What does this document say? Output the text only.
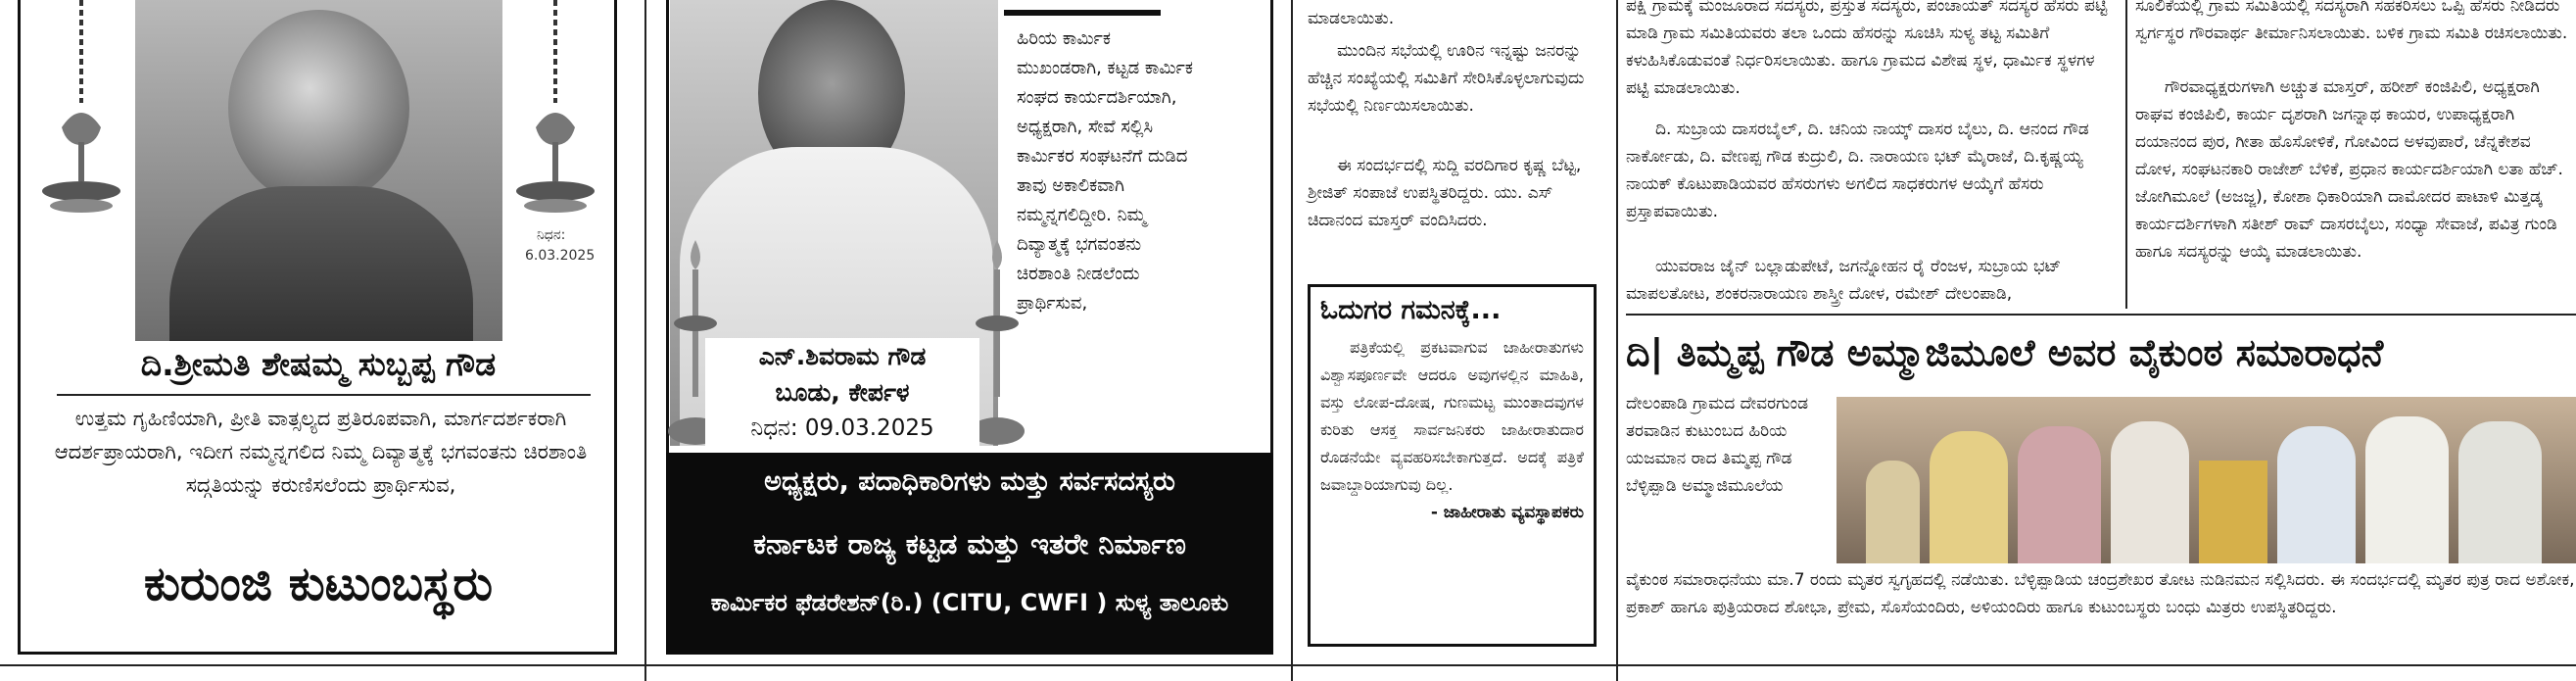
ನಿಧನ:
6.03.2025
ದಿ.ಶ್ರೀಮತಿ ಶೇಷಮ್ಮ ಸುಬ್ಬಪ್ಪ ಗೌಡ
ಉತ್ತಮ ಗೃಹಿಣಿಯಾಗಿ, ಪ್ರೀತಿ ವಾತ್ಸಲ್ಯದ ಪ್ರತಿರೂಪವಾಗಿ, ಮಾರ್ಗದರ್ಶಕರಾಗಿ ಆದರ್ಶಪ್ರಾಯರಾಗಿ, ಇದೀಗ ನಮ್ಮನ್ನಗಲಿದ ನಿಮ್ಮ ದಿವ್ಯಾತ್ಮಕ್ಕೆ ಭಗವಂತನು ಚಿರಶಾಂತಿ ಸದ್ಗತಿಯನ್ನು ಕರುಣಿಸಲೆಂದು ಪ್ರಾರ್ಥಿಸುವ,
ಕುರುಂಜಿ ಕುಟುಂಬಸ್ಥರು
ಎನ್.ಶಿವರಾಮ ಗೌಡ
ಬೂಡು, ಕೇರ್ಪಳ
ನಿಧನ: 09.03.2025
ಹಿರಿಯ ಕಾರ್ಮಿಕ ಮುಖಂಡರಾಗಿ, ಕಟ್ಟಡ ಕಾರ್ಮಿಕ ಸಂಘದ ಕಾರ್ಯದರ್ಶಿಯಾಗಿ, ಅಧ್ಯಕ್ಷರಾಗಿ, ಸೇವೆ ಸಲ್ಲಿಸಿ ಕಾರ್ಮಿಕರ ಸಂಘಟನೆಗೆ ದುಡಿದ ತಾವು ಅಕಾಲಿಕವಾಗಿ ನಮ್ಮನ್ನಗಲಿದ್ದೀರಿ. ನಿಮ್ಮ ದಿವ್ಯಾತ್ಮಕ್ಕೆ ಭಗವಂತನು ಚಿರಶಾಂತಿ ನೀಡಲೆಂದು ಪ್ರಾರ್ಥಿಸುವ,
ಅಧ್ಯಕ್ಷರು, ಪದಾಧಿಕಾರಿಗಳು ಮತ್ತು ಸರ್ವಸದಸ್ಯರು
ಕರ್ನಾಟಕ ರಾಜ್ಯ ಕಟ್ಟಡ ಮತ್ತು ಇತರೇ ನಿರ್ಮಾಣ
ಕಾರ್ಮಿಕರ ಫೆಡರೇಶನ್(ರಿ.) (CITU, CWFI ) ಸುಳ್ಯ ತಾಲೂಕು

ಮಾಡಲಾಯಿತು.

ಮುಂದಿನ ಸಭೆಯಲ್ಲಿ ಊರಿನ ಇನ್ನಷ್ಟು ಜನರನ್ನು ಹೆಚ್ಚಿನ ಸಂಖ್ಯೆಯಲ್ಲಿ ಸಮಿತಿಗೆ ಸೇರಿಸಿಕೊಳ್ಳಲಾಗುವುದು ಸಭೆಯಲ್ಲಿ ನಿರ್ಣಯಿಸಲಾಯಿತು.

ಈ ಸಂದರ್ಭದಲ್ಲಿ ಸುದ್ದಿ ವರದಿಗಾರ ಕೃಷ್ಣ ಬೆಟ್ಟ, ಶ್ರೀಜಿತ್ ಸಂಪಾಜೆ ಉಪಸ್ಥಿತರಿದ್ದರು. ಯು. ಎಸ್ ಚಿದಾನಂದ ಮಾಸ್ತರ್ ವಂದಿಸಿದರು.

ಓದುಗರ ಗಮನಕ್ಕೆ...
ಪತ್ರಿಕೆಯಲ್ಲಿ ಪ್ರಕಟವಾಗುವ ಜಾಹೀರಾತುಗಳು ವಿಶ್ವಾಸಪೂರ್ಣವೇ ಆದರೂ ಅವುಗಳಲ್ಲಿನ ಮಾಹಿತಿ, ವಸ್ತು ಲೋಪ-ದೋಷ, ಗುಣಮಟ್ಟ ಮುಂತಾದವುಗಳ ಕುರಿತು ಆಸಕ್ತ ಸಾರ್ವಜನಿಕರು ಜಾಹೀರಾತುದಾರ ರೊಡನೆಯೇ ವ್ಯವಹರಿಸಬೇಕಾಗುತ್ತದೆ. ಅದಕ್ಕೆ ಪತ್ರಿಕೆ ಜವಾಬ್ದಾರಿಯಾಗುವು ದಿಲ್ಲ.
- ಜಾಹೀರಾತು ವ್ಯವಸ್ಥಾಪಕರು

ಪಕ್ಷಿ ಗ್ರಾಮಕ್ಕೆ ಮಂಜೂರಾದ ಸದಸ್ಯರು, ಪ್ರಸ್ತುತ ಸದಸ್ಯರು, ಪಂಚಾಯತ್ ಸದಸ್ಯರ ಹೆಸರು ಪಟ್ಟಿ ಮಾಡಿ ಗ್ರಾಮ ಸಮಿತಿಯವರು ತಲಾ ಒಂದು ಹೆಸರನ್ನು ಸೂಚಿಸಿ ಸುಳ್ಯ ತಟ್ಟ ಸಮಿತಿಗೆ ಕಳುಹಿಸಿಕೊಡುವಂತೆ ನಿರ್ಧರಿಸಲಾಯಿತು. ಹಾಗೂ ಗ್ರಾಮದ ವಿಶೇಷ ಸ್ಥಳ, ಧಾರ್ಮಿಕ ಸ್ಥಳಗಳ ಪಟ್ಟಿ ಮಾಡಲಾಯಿತು.

ದಿ. ಸುಬ್ರಾಯ ದಾಸರಬೈಲ್, ದಿ. ಚನಿಯ ನಾಯ್ಕ್ ದಾಸರ ಬೈಲು, ದಿ. ಆನಂದ ಗೌಡ ನಾರ್ಕೋಡು, ದಿ. ವೇಣಪ್ಪ ಗೌಡ ಕುದ್ರುಲಿ, ದಿ. ನಾರಾಯಣ ಭಟ್ ಮೈರಾಜೆ, ದಿ.ಕೃಷ್ಣಯ್ಯ ನಾಯಕ್ ಕೊಟುಪಾಡಿಯವರ ಹೆಸರುಗಳು ಅಗಲಿದ ಸಾಧಕರುಗಳ ಆಯ್ಕೆಗೆ ಹೆಸರು ಪ್ರಸ್ತಾಪವಾಯಿತು.

ಯುವರಾಜ ಜೈನ್ ಬಲ್ಲಾಡುಪೇಟೆ, ಜಗನ್ನೋಹನ ರೈ ರೆಂಜಳ, ಸುಬ್ರಾಯ ಭಟ್ ಮಾಪಲತೋಟ, ಶಂಕರನಾರಾಯಣ ಶಾಸ್ತ್ರೀ ದೋಳ, ರಮೇಶ್ ದೇಲಂಪಾಡಿ,

ಸೂಲಿಕೆಯಲ್ಲಿ ಗ್ರಾಮ ಸಮಿತಿಯಲ್ಲಿ ಸದಸ್ಯರಾಗಿ ಸಹಕರಿಸಲು ಒಪ್ಪಿ ಹೆಸರು ನೀಡಿದರು ಸ್ವರ್ಗಸ್ಥರ ಗೌರವಾರ್ಥ ತೀರ್ಮಾನಿಸಲಾಯಿತು. ಬಳಿಕ ಗ್ರಾಮ ಸಮಿತಿ ರಚಿಸಲಾಯಿತು.

ಗೌರವಾಧ್ಯಕ್ಷರುಗಳಾಗಿ ಅಚ್ಚುತ ಮಾಸ್ತರ್, ಹರೀಶ್ ಕಂಜಿಪಿಲಿ, ಅಧ್ಯಕ್ಷರಾಗಿ ರಾಘವ ಕಂಜಿಪಿಲಿ, ಕಾರ್ಯ ದೃಶರಾಗಿ ಜಗನ್ನಾಥ ಕಾಯರ, ಉಪಾಧ್ಯಕ್ಷರಾಗಿ ದಯಾನಂದ ಪುರ, ಗೀತಾ ಹೊಸೋಳಿಕೆ, ಗೋವಿಂದ ಅಳವುಪಾರೆ, ಚೆನ್ನಕೇಶವ ದೋಳ, ಸಂಘಟನಕಾರಿ ರಾಜೇಶ್ ಬೆಳಿಕೆ, ಪ್ರಧಾನ ಕಾರ್ಯದರ್ಶಿಯಾಗಿ ಲತಾ ಹೆಚ್. ಜೋಗಿಮೂಲೆ (ಅಜಜ್ಜ), ಕೋಶಾ ಧಿಕಾರಿಯಾಗಿ ದಾಮೋದರ ಪಾಟಾಳಿ ಮಿತ್ತಡ್ಕ ಕಾರ್ಯದರ್ಶಿಗಳಾಗಿ ಸತೀಶ್ ರಾವ್ ದಾಸರಬೈಲು, ಸಂಧ್ಯಾ ಸೇವಾಜೆ, ಪವಿತ್ರ ಗುಂಡಿ ಹಾಗೂ ಸದಸ್ಯರನ್ನು ಆಯ್ಕೆ ಮಾಡಲಾಯಿತು.

ದಿ| ತಿಮ್ಮಪ್ಪ ಗೌಡ ಅಮ್ಮಾಜಿಮೂಲೆ ಅವರ ವೈಕುಂಠ ಸಮಾರಾಧನೆ

ದೇಲಂಪಾಡಿ ಗ್ರಾಮದ ದೇವರಗುಂಡ ತರವಾಡಿನ ಕುಟುಂಬದ ಹಿರಿಯ ಯಜಮಾನ ರಾದ ತಿಮ್ಮಪ್ಪ ಗೌಡ ಬೆಳ್ಳಿಪ್ಪಾಡಿ ಅಮ್ಮಾಜಿಮೂಲೆಯ

ವೈಕುಂಠ ಸಮಾರಾಧನೆಯು ಮಾ.7 ರಂದು ಮೃತರ ಸ್ವಗೃಹದಲ್ಲಿ ನಡೆಯಿತು. ಬೆಳ್ಳಿಪ್ಪಾಡಿಯ ಚಂದ್ರಶೇಖರ ತೋಟ ನುಡಿನಮನ ಸಲ್ಲಿಸಿದರು. ಈ ಸಂದರ್ಭದಲ್ಲಿ ಮೃತರ ಪುತ್ರ ರಾದ ಅಶೋಕ, ಪ್ರಕಾಶ್ ಹಾಗೂ ಪುತ್ರಿಯರಾದ ಶೋಭಾ, ಪ್ರೇಮ, ಸೊಸೆಯಂದಿರು, ಅಳಿಯಂದಿರು ಹಾಗೂ ಕುಟುಂಬಸ್ಥರು ಬಂಧು ಮಿತ್ರರು ಉಪಸ್ಥಿತರಿದ್ದರು.
